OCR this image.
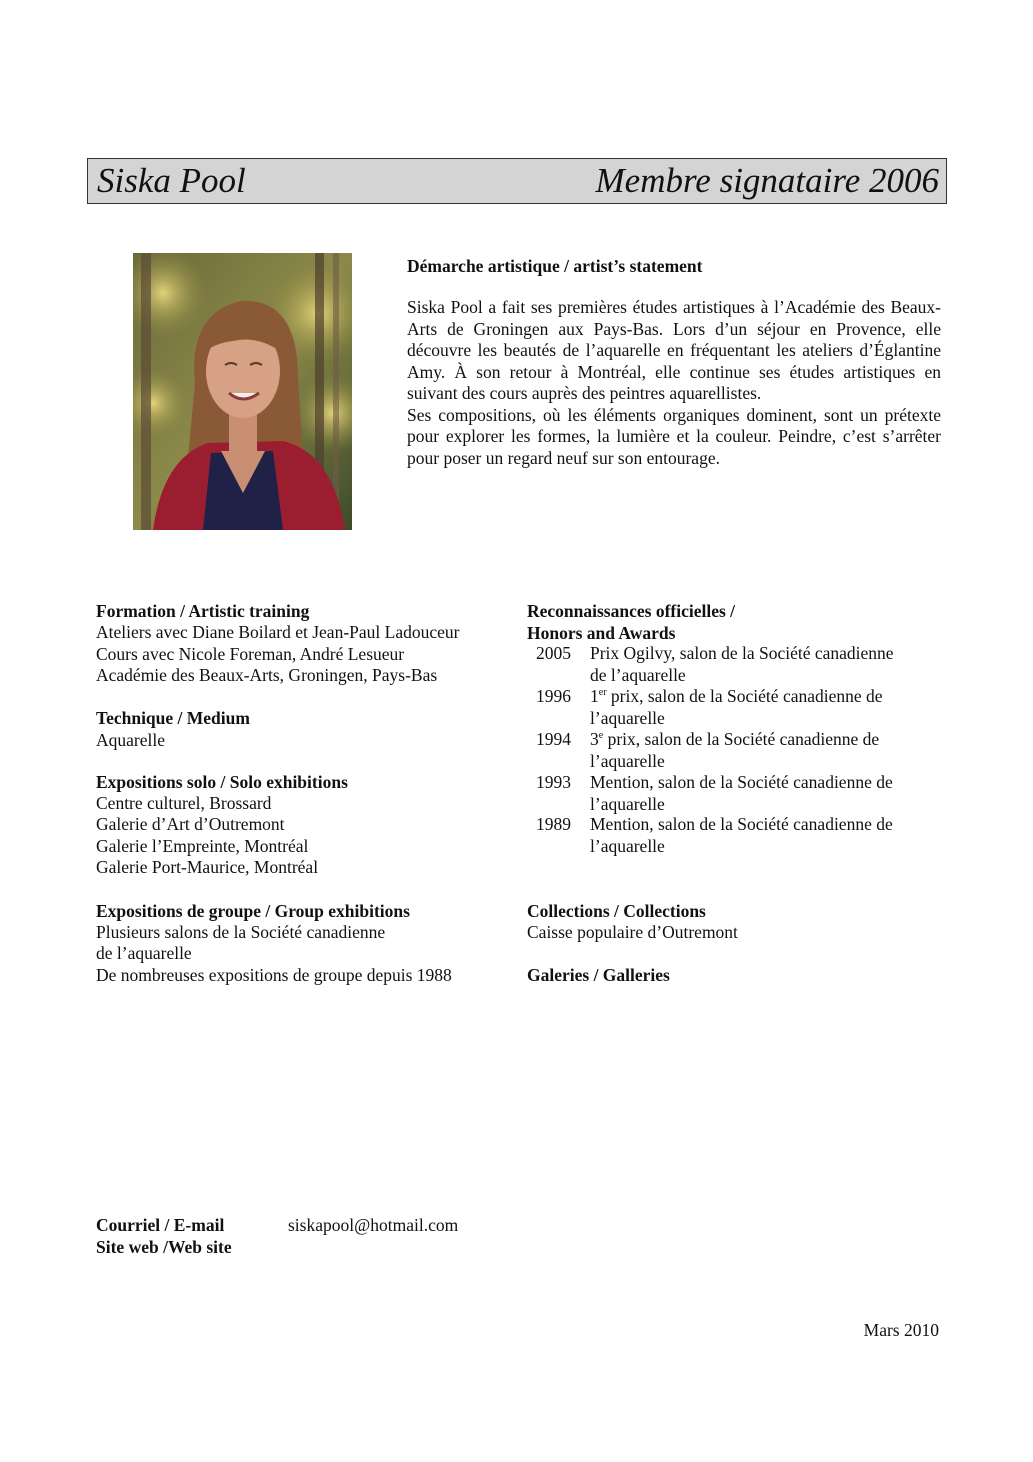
Siska Pool	Membre signataire 2006
Démarche artistique / artist’s statement

Siska Pool a fait ses premières études artistiques à l’Académie des Beaux-Arts de Groningen aux Pays-Bas. Lors d’un séjour en Provence, elle découvre les beautés de l’aquarelle en fréquentant les ateliers d’Églantine Amy. À son retour à Montréal, elle continue ses études artistiques en suivant des cours auprès des peintres aquarellistes.

Ses compositions, où les éléments organiques dominent, sont un prétexte pour explorer les formes, la lumière et la couleur. Peindre, c’est s’arrêter pour poser un regard neuf sur son entourage.

Formation / Artistic training
Ateliers avec Diane Boilard et Jean-Paul Ladouceur
Cours avec Nicole Foreman, André Lesueur
Académie des Beaux-Arts, Groningen, Pays-Bas
Technique / Medium
Aquarelle
Expositions solo / Solo exhibitions
Centre culturel, Brossard
Galerie d’Art d’Outremont
Galerie l’Empreinte, Montréal
Galerie Port-Maurice, Montréal
Expositions de groupe / Group exhibitions
Plusieurs salons de la Société canadienne
de l’aquarelle
De nombreuses expositions de groupe depuis 1988
Reconnaissances officielles /
Honors and Awards
2005 Prix Ogilvy, salon de la Société canadienne
de l’aquarelle
1996 1er prix, salon de la Société canadienne de
l’aquarelle
1994 3e prix, salon de la Société canadienne de
l’aquarelle
1993 Mention, salon de la Société canadienne de
l’aquarelle
1989 Mention, salon de la Société canadienne de
l’aquarelle
Collections / Collections
Caisse populaire d’Outremont
Galeries / Galleries
Courriel / E-mail	siskapool@hotmail.com
Site web /Web site
Mars 2010
